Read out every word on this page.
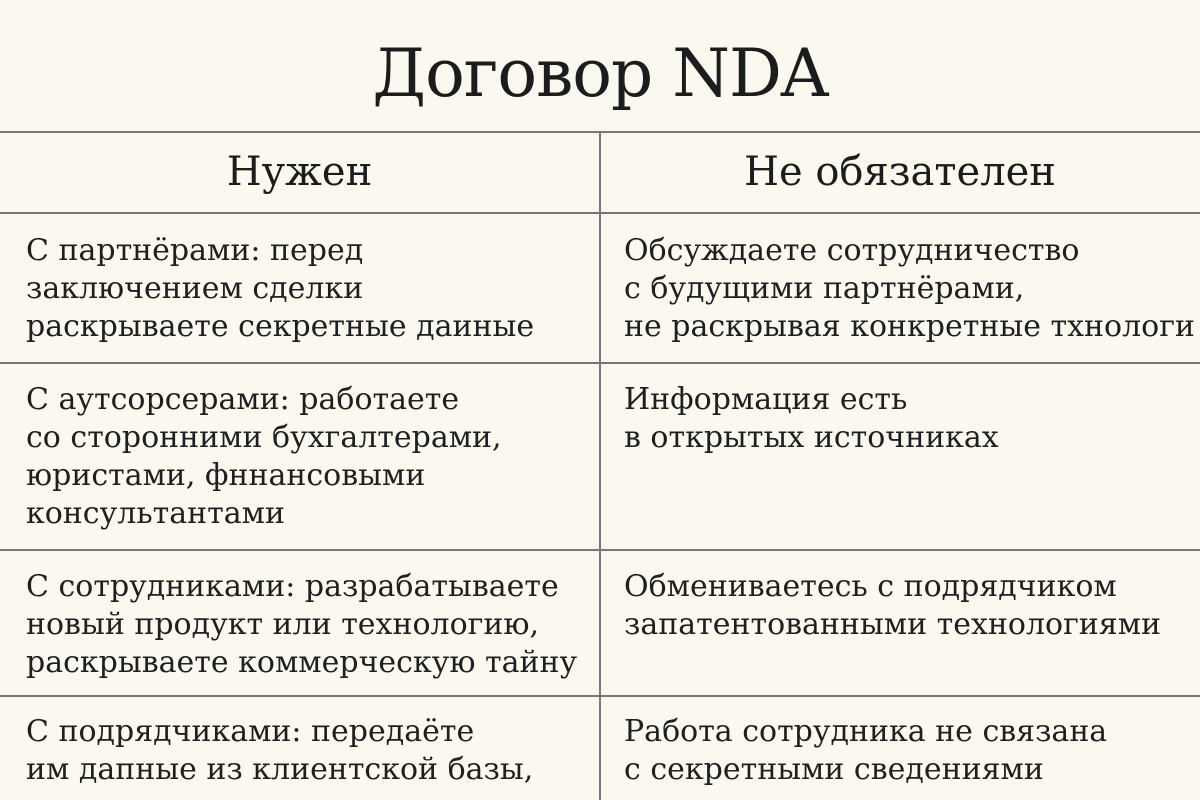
Договор NDA
Нужен	Не обязателен
С партнёрами: перед
заключением сделки
раскрываете секретные даиные
Обсуждаете сотрудничество
с будущими партнёрами,
не раскрывая конкретные тхнологи
С аутсорсерами: работаете
со сторонними бухгалтерами,
юристами, фннансовыми
консультантами
Информация есть
в открытых источниках
С сотрудниками: разрабатываете
новый продукт или технологию,
раскрываете коммерческую тайну
Обмениваетесь с подрядчиком
запатентованными технологиями
С подрядчиками: передаёте
им дапные из клиентской базы,
Работа сотрудника не связана
с секретными сведениями
